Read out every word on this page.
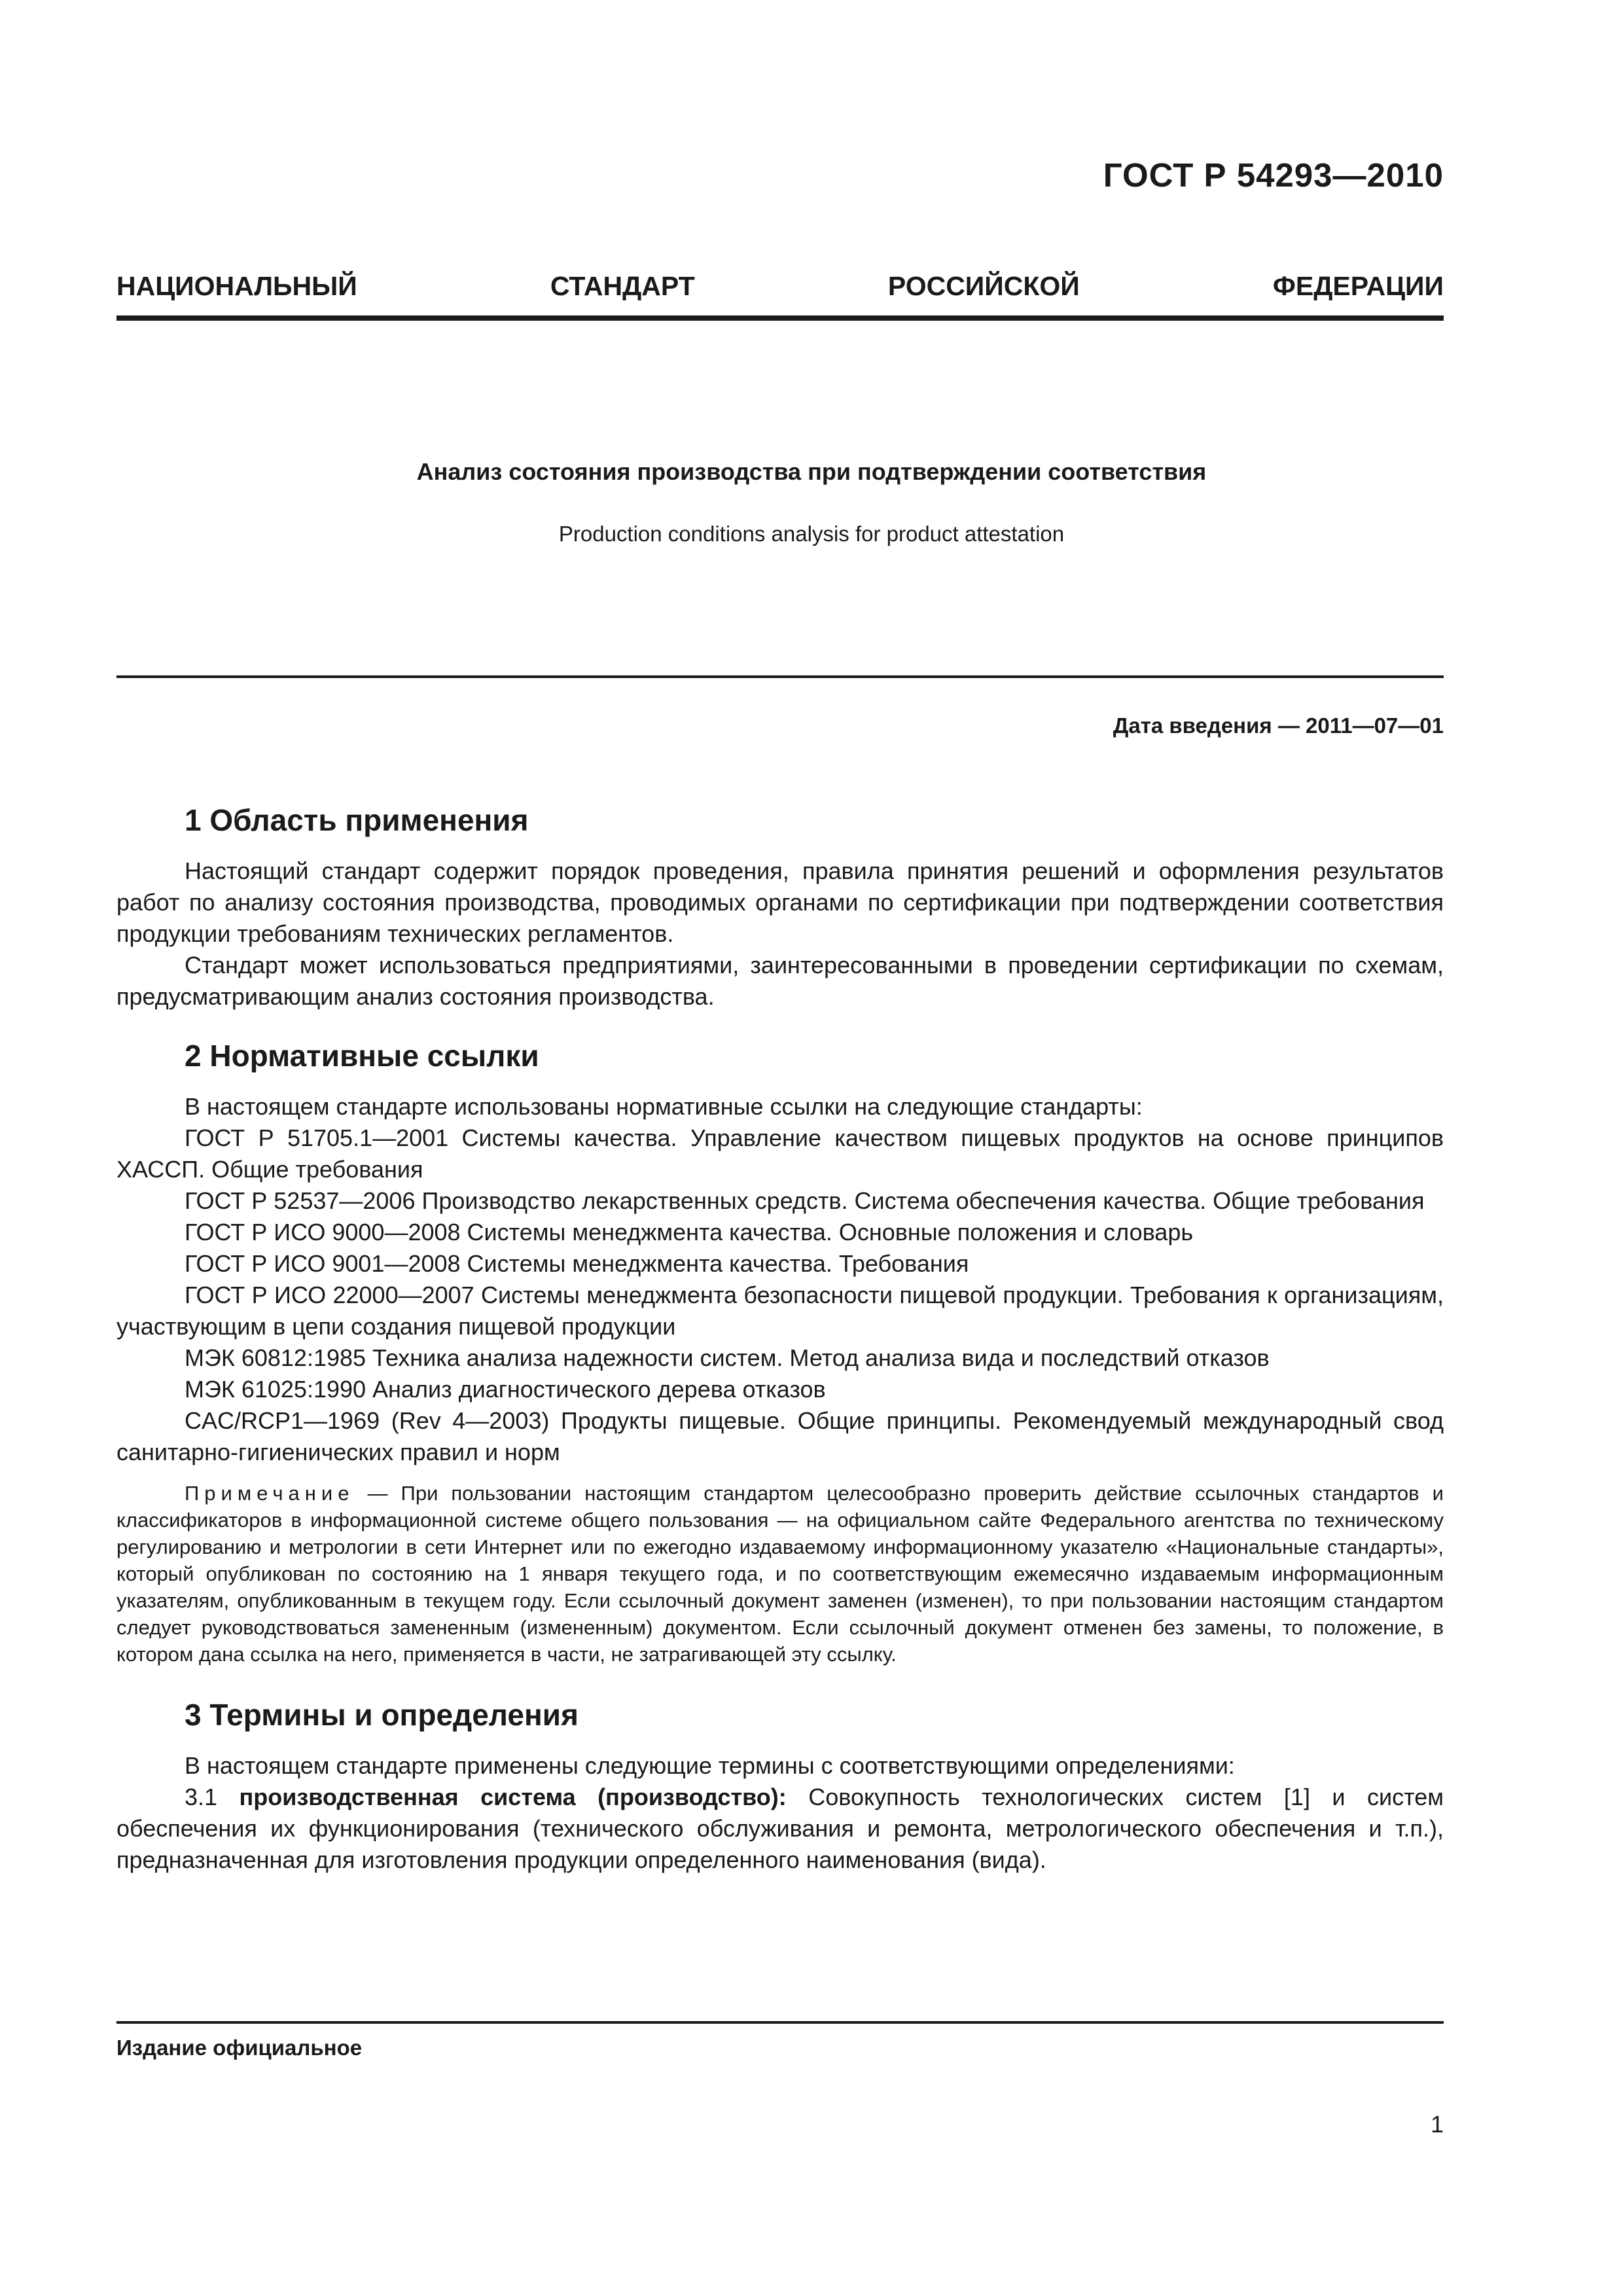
ГОСТ Р 54293—2010
НАЦИОНАЛЬНЫЙ СТАНДАРТ РОССИЙСКОЙ ФЕДЕРАЦИИ
Анализ состояния производства при подтверждении соответствия
Production conditions analysis for product attestation
Дата введения — 2011—07—01
1 Область применения

Настоящий стандарт содержит порядок проведения, правила принятия решений и оформления результатов работ по анализу состояния производства, проводимых органами по сертификации при подтверждении соответствия продукции требованиям технических регламентов.

Стандарт может использоваться предприятиями, заинтересованными в проведении сертификации по схемам, предусматривающим анализ состояния производства.

2 Нормативные ссылки

В настоящем стандарте использованы нормативные ссылки на следующие стандарты:

ГОСТ Р 51705.1—2001 Системы качества. Управление качеством пищевых продуктов на основе принципов ХАССП. Общие требования

ГОСТ Р 52537—2006 Производство лекарственных средств. Система обеспечения качества. Общие требования

ГОСТ Р ИСО 9000—2008 Системы менеджмента качества. Основные положения и словарь

ГОСТ Р ИСО 9001—2008 Системы менеджмента качества. Требования

ГОСТ Р ИСО 22000—2007 Системы менеджмента безопасности пищевой продукции. Требования к организациям, участвующим в цепи создания пищевой продукции

МЭК 60812:1985 Техника анализа надежности систем. Метод анализа вида и последствий отказов

МЭК 61025:1990 Анализ диагностического дерева отказов

CAC/RCP1—1969 (Rev 4—2003) Продукты пищевые. Общие принципы. Рекомендуемый международный свод санитарно-гигиенических правил и норм

Примечание — При пользовании настоящим стандартом целесообразно проверить действие ссылочных стандартов и классификаторов в информационной системе общего пользования — на официальном сайте Федерального агентства по техническому регулированию и метрологии в сети Интернет или по ежегодно издаваемому информационному указателю «Национальные стандарты», который опубликован по состоянию на 1 января текущего года, и по соответствующим ежемесячно издаваемым информационным указателям, опубликованным в текущем году. Если ссылочный документ заменен (изменен), то при пользовании настоящим стандартом следует руководствоваться замененным (измененным) документом. Если ссылочный документ отменен без замены, то положение, в котором дана ссылка на него, применяется в части, не затрагивающей эту ссылку.

3 Термины и определения

В настоящем стандарте применены следующие термины с соответствующими определениями:

3.1 производственная система (производство): Совокупность технологических систем [1] и систем обеспечения их функционирования (технического обслуживания и ремонта, метрологического обеспечения и т.п.), предназначенная для изготовления продукции определенного наименования (вида).

Издание официальное
1
